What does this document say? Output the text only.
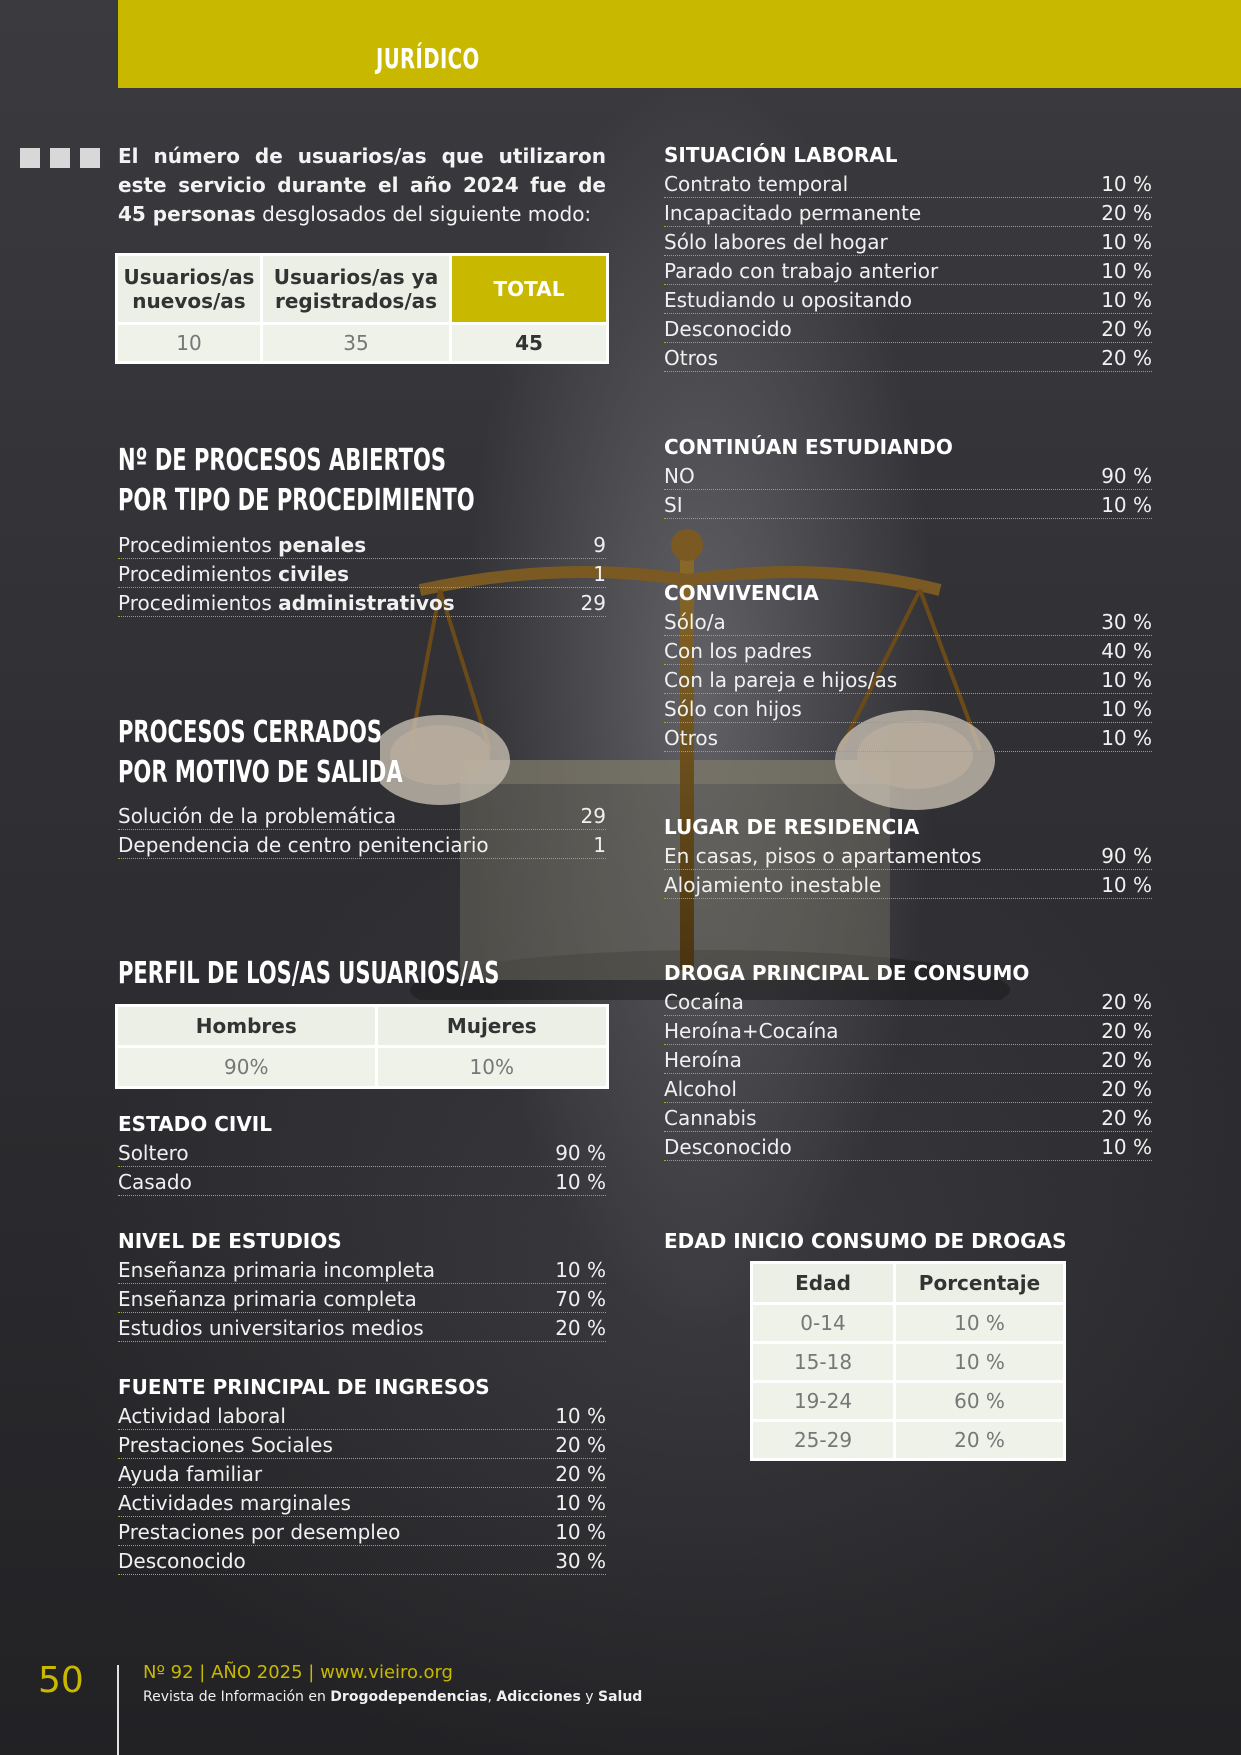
JURÍDICO
El número de usuarios/as que utilizaron este servicio durante el año 2024 fue de 45 personas desglosados del siguiente modo:
Usuarios/as nuevos/as	Usuarios/as ya registrados/as	TOTAL
10	35	45
Nº DE PROCESOS ABIERTOS
POR TIPO DE PROCEDIMIENTO
Procedimientos penales	9
Procedimientos civiles	1
Procedimientos administrativos	29
PROCESOS CERRADOS
POR MOTIVO DE SALIDA
Solución de la problemática	29
Dependencia de centro penitenciario	1
PERFIL DE LOS/AS USUARIOS/AS
Hombres	Mujeres
90%	10%
ESTADO CIVIL
Soltero	90 %
Casado	10 %
NIVEL DE ESTUDIOS
Enseñanza primaria incompleta	10 %
Enseñanza primaria completa	70 %
Estudios universitarios medios	20 %
FUENTE PRINCIPAL DE INGRESOS
Actividad laboral	10 %
Prestaciones Sociales	20 %
Ayuda familiar	20 %
Actividades marginales	10 %
Prestaciones por desempleo	10 %
Desconocido	30 %
SITUACIÓN LABORAL
Contrato temporal	10 %
Incapacitado permanente	20 %
Sólo labores del hogar	10 %
Parado con trabajo anterior	10 %
Estudiando u opositando	10 %
Desconocido	20 %
Otros	20 %
CONTINÚAN ESTUDIANDO
NO	90 %
SI	10 %
CONVIVENCIA
Sólo/a	30 %
Con los padres	40 %
Con la pareja e hijos/as	10 %
Sólo con hijos	10 %
Otros	10 %
LUGAR DE RESIDENCIA
En casas, pisos o apartamentos	90 %
Alojamiento inestable	10 %
DROGA PRINCIPAL DE CONSUMO
Cocaína	20 %
Heroína+Cocaína	20 %
Heroína	20 %
Alcohol	20 %
Cannabis	20 %
Desconocido	10 %
EDAD INICIO CONSUMO DE DROGAS
Edad	Porcentaje
0-14	10 %
15-18	10 %
19-24	60 %
25-29	20 %
50	Nº 92 | AÑO 2025 | www.vieiro.org
Revista de Información en Drogodependencias, Adicciones y Salud
